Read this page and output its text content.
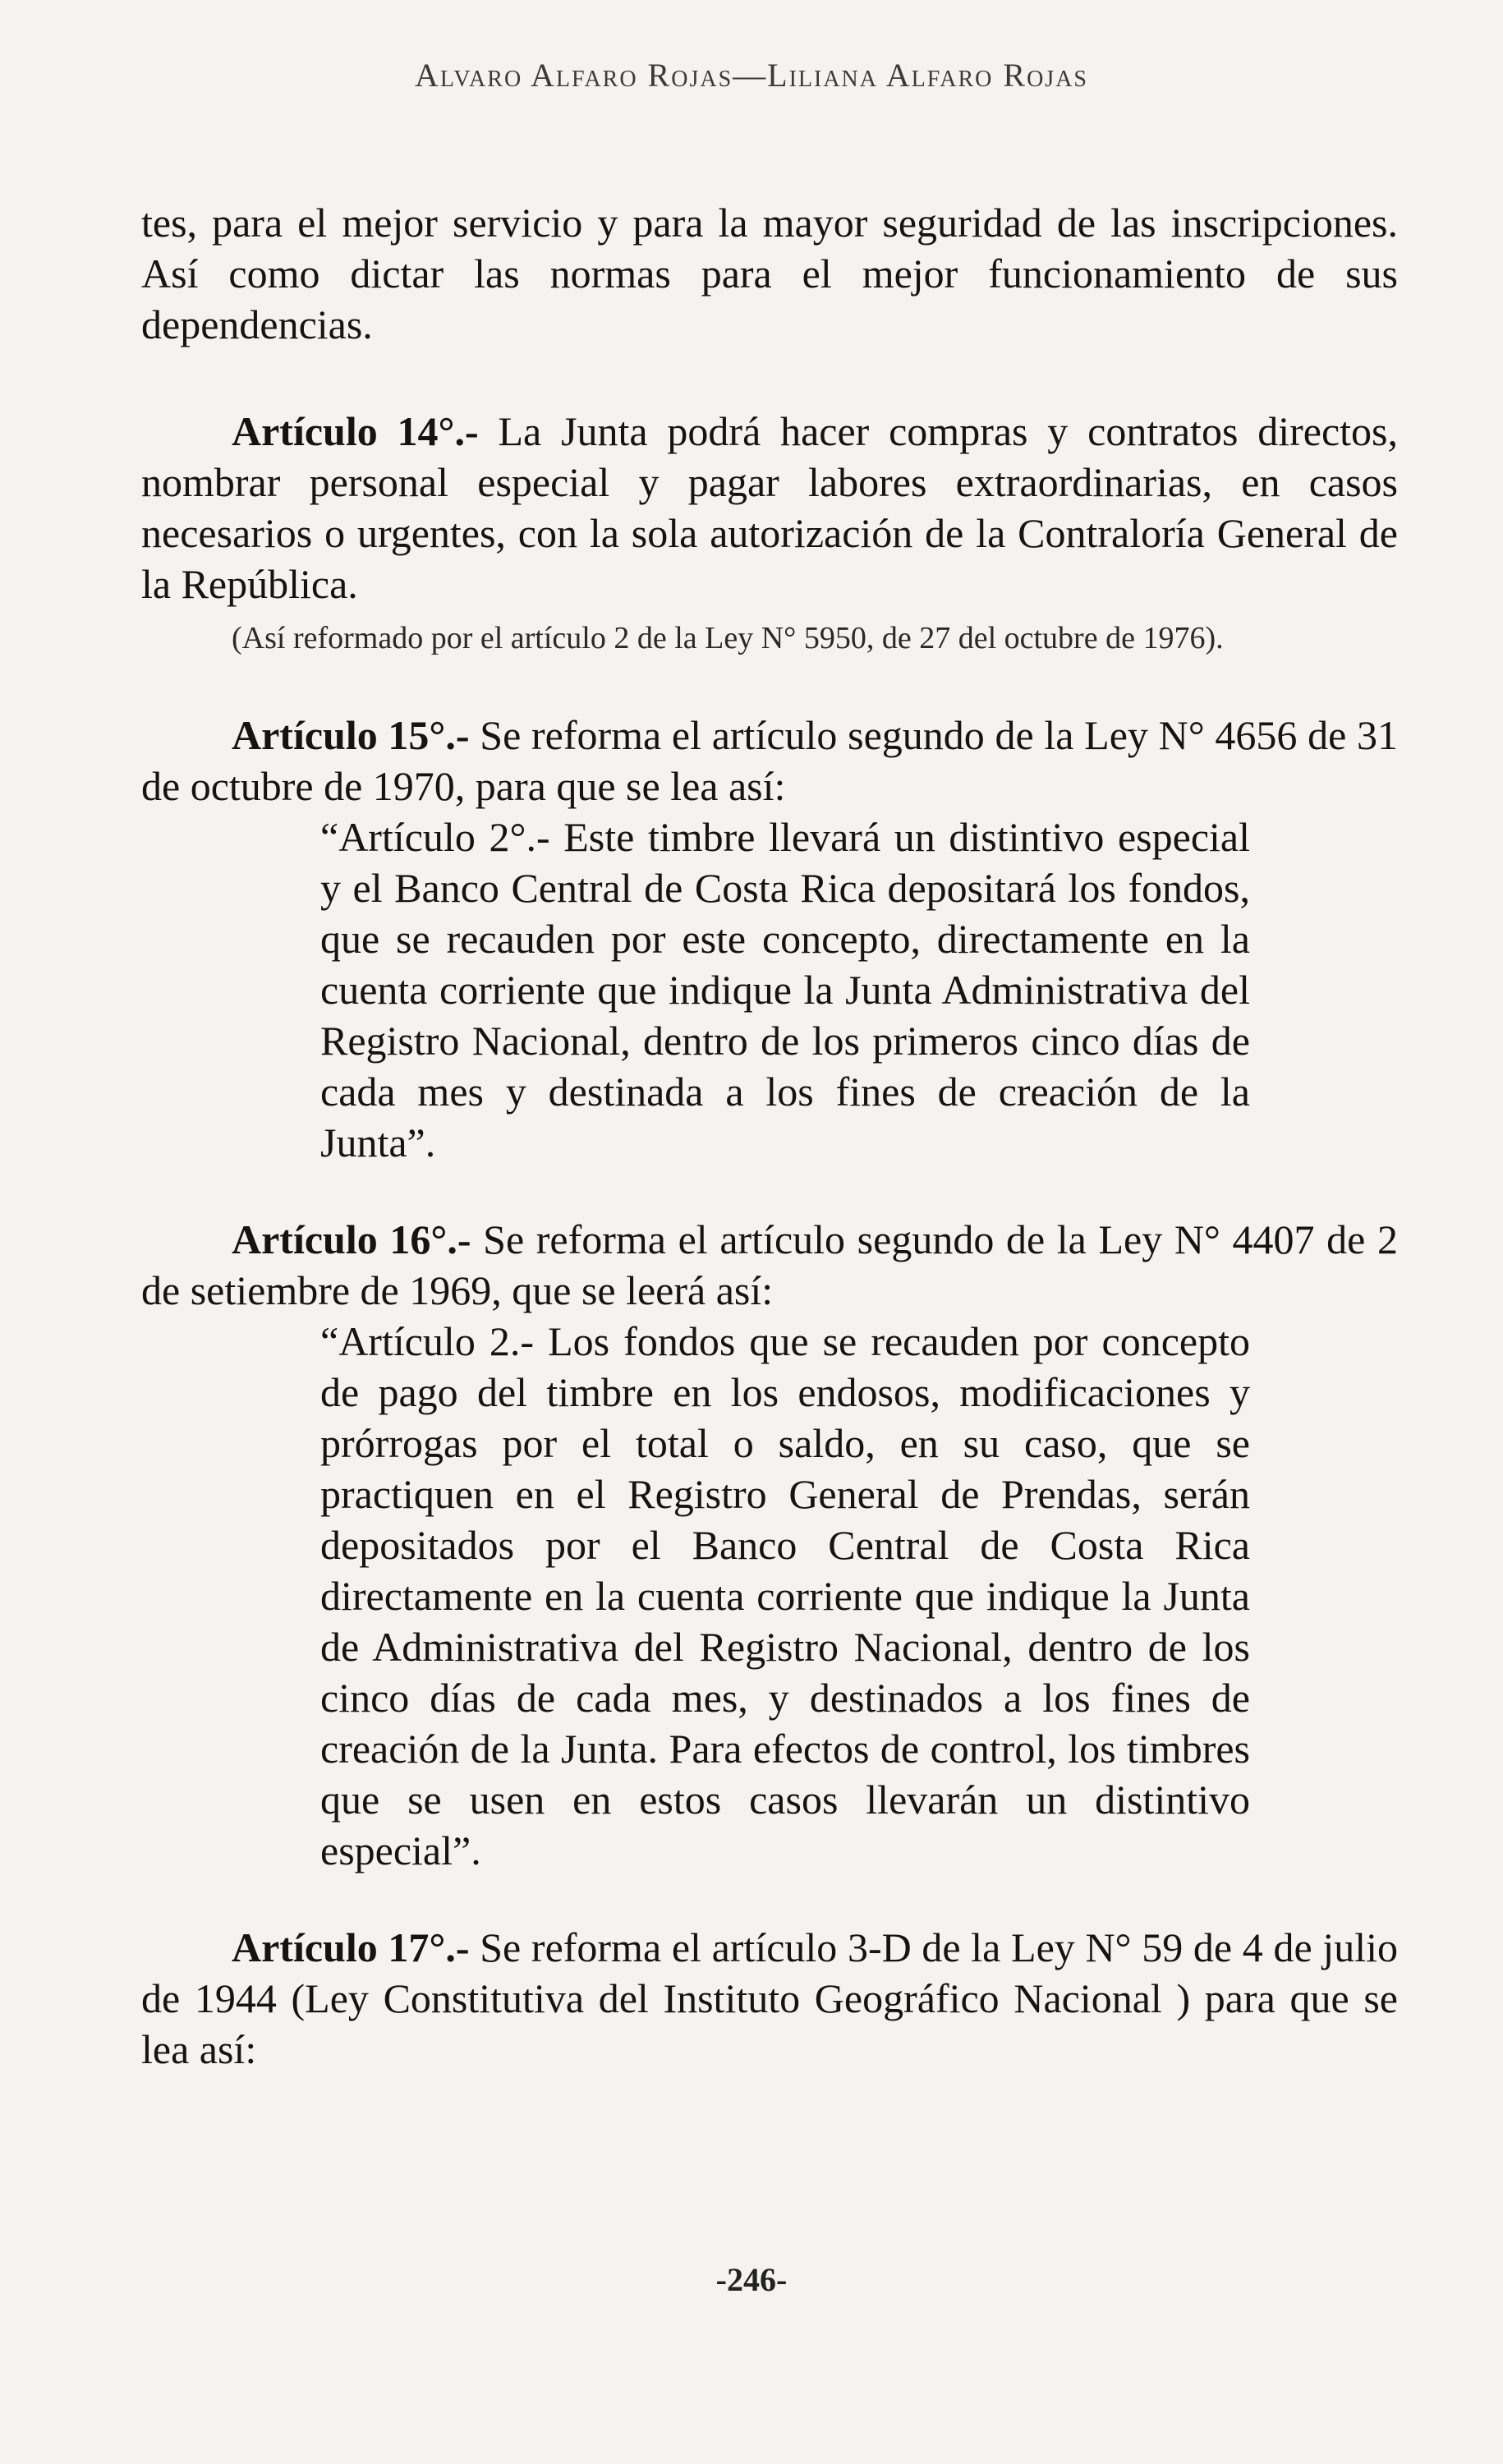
Alvaro Alfaro Rojas—Liliana Alfaro Rojas

tes, para el mejor servicio y para la mayor seguridad de las inscripciones. Así como dictar las normas para el mejor funcionamiento de sus dependencias.

Artículo 14°.- La Junta podrá hacer compras y contratos directos, nombrar personal especial y pagar labores extraordinarias, en casos necesarios o urgentes, con la sola autorización de la Contraloría General de la República.

(Así reformado por el artículo 2 de la Ley N° 5950, de 27 del octubre de 1976).

Artículo 15°.- Se reforma el artículo segundo de la Ley N° 4656 de 31 de octubre de 1970, para que se lea así:

“Artículo 2°.- Este timbre llevará un distintivo especial y el Banco Central de Costa Rica depositará los fondos, que se recauden por este concepto, directamente en la cuenta corriente que indique la Junta Administrativa del Registro Nacional, dentro de los primeros cinco días de cada mes y destinada a los fines de creación de la Junta”.

Artículo 16°.- Se reforma el artículo segundo de la Ley N° 4407 de 2 de setiembre de 1969, que se leerá así:

“Artículo 2.- Los fondos que se recauden por concepto de pago del timbre en los endosos, modificaciones y prórrogas por el total o saldo, en su caso, que se practiquen en el Registro General de Prendas, serán depositados por el Banco Central de Costa Rica directamente en la cuenta corriente que indique la Junta de Administrativa del Registro Nacional, dentro de los cinco días de cada mes, y destinados a los fines de creación de la Junta. Para efectos de control, los timbres que se usen en estos casos llevarán un distintivo especial”.

Artículo 17°.- Se reforma el artículo 3-D de la Ley N° 59 de 4 de julio de 1944 (Ley Constitutiva del Instituto Geográfico Nacional ) para que se lea así:

-246-
